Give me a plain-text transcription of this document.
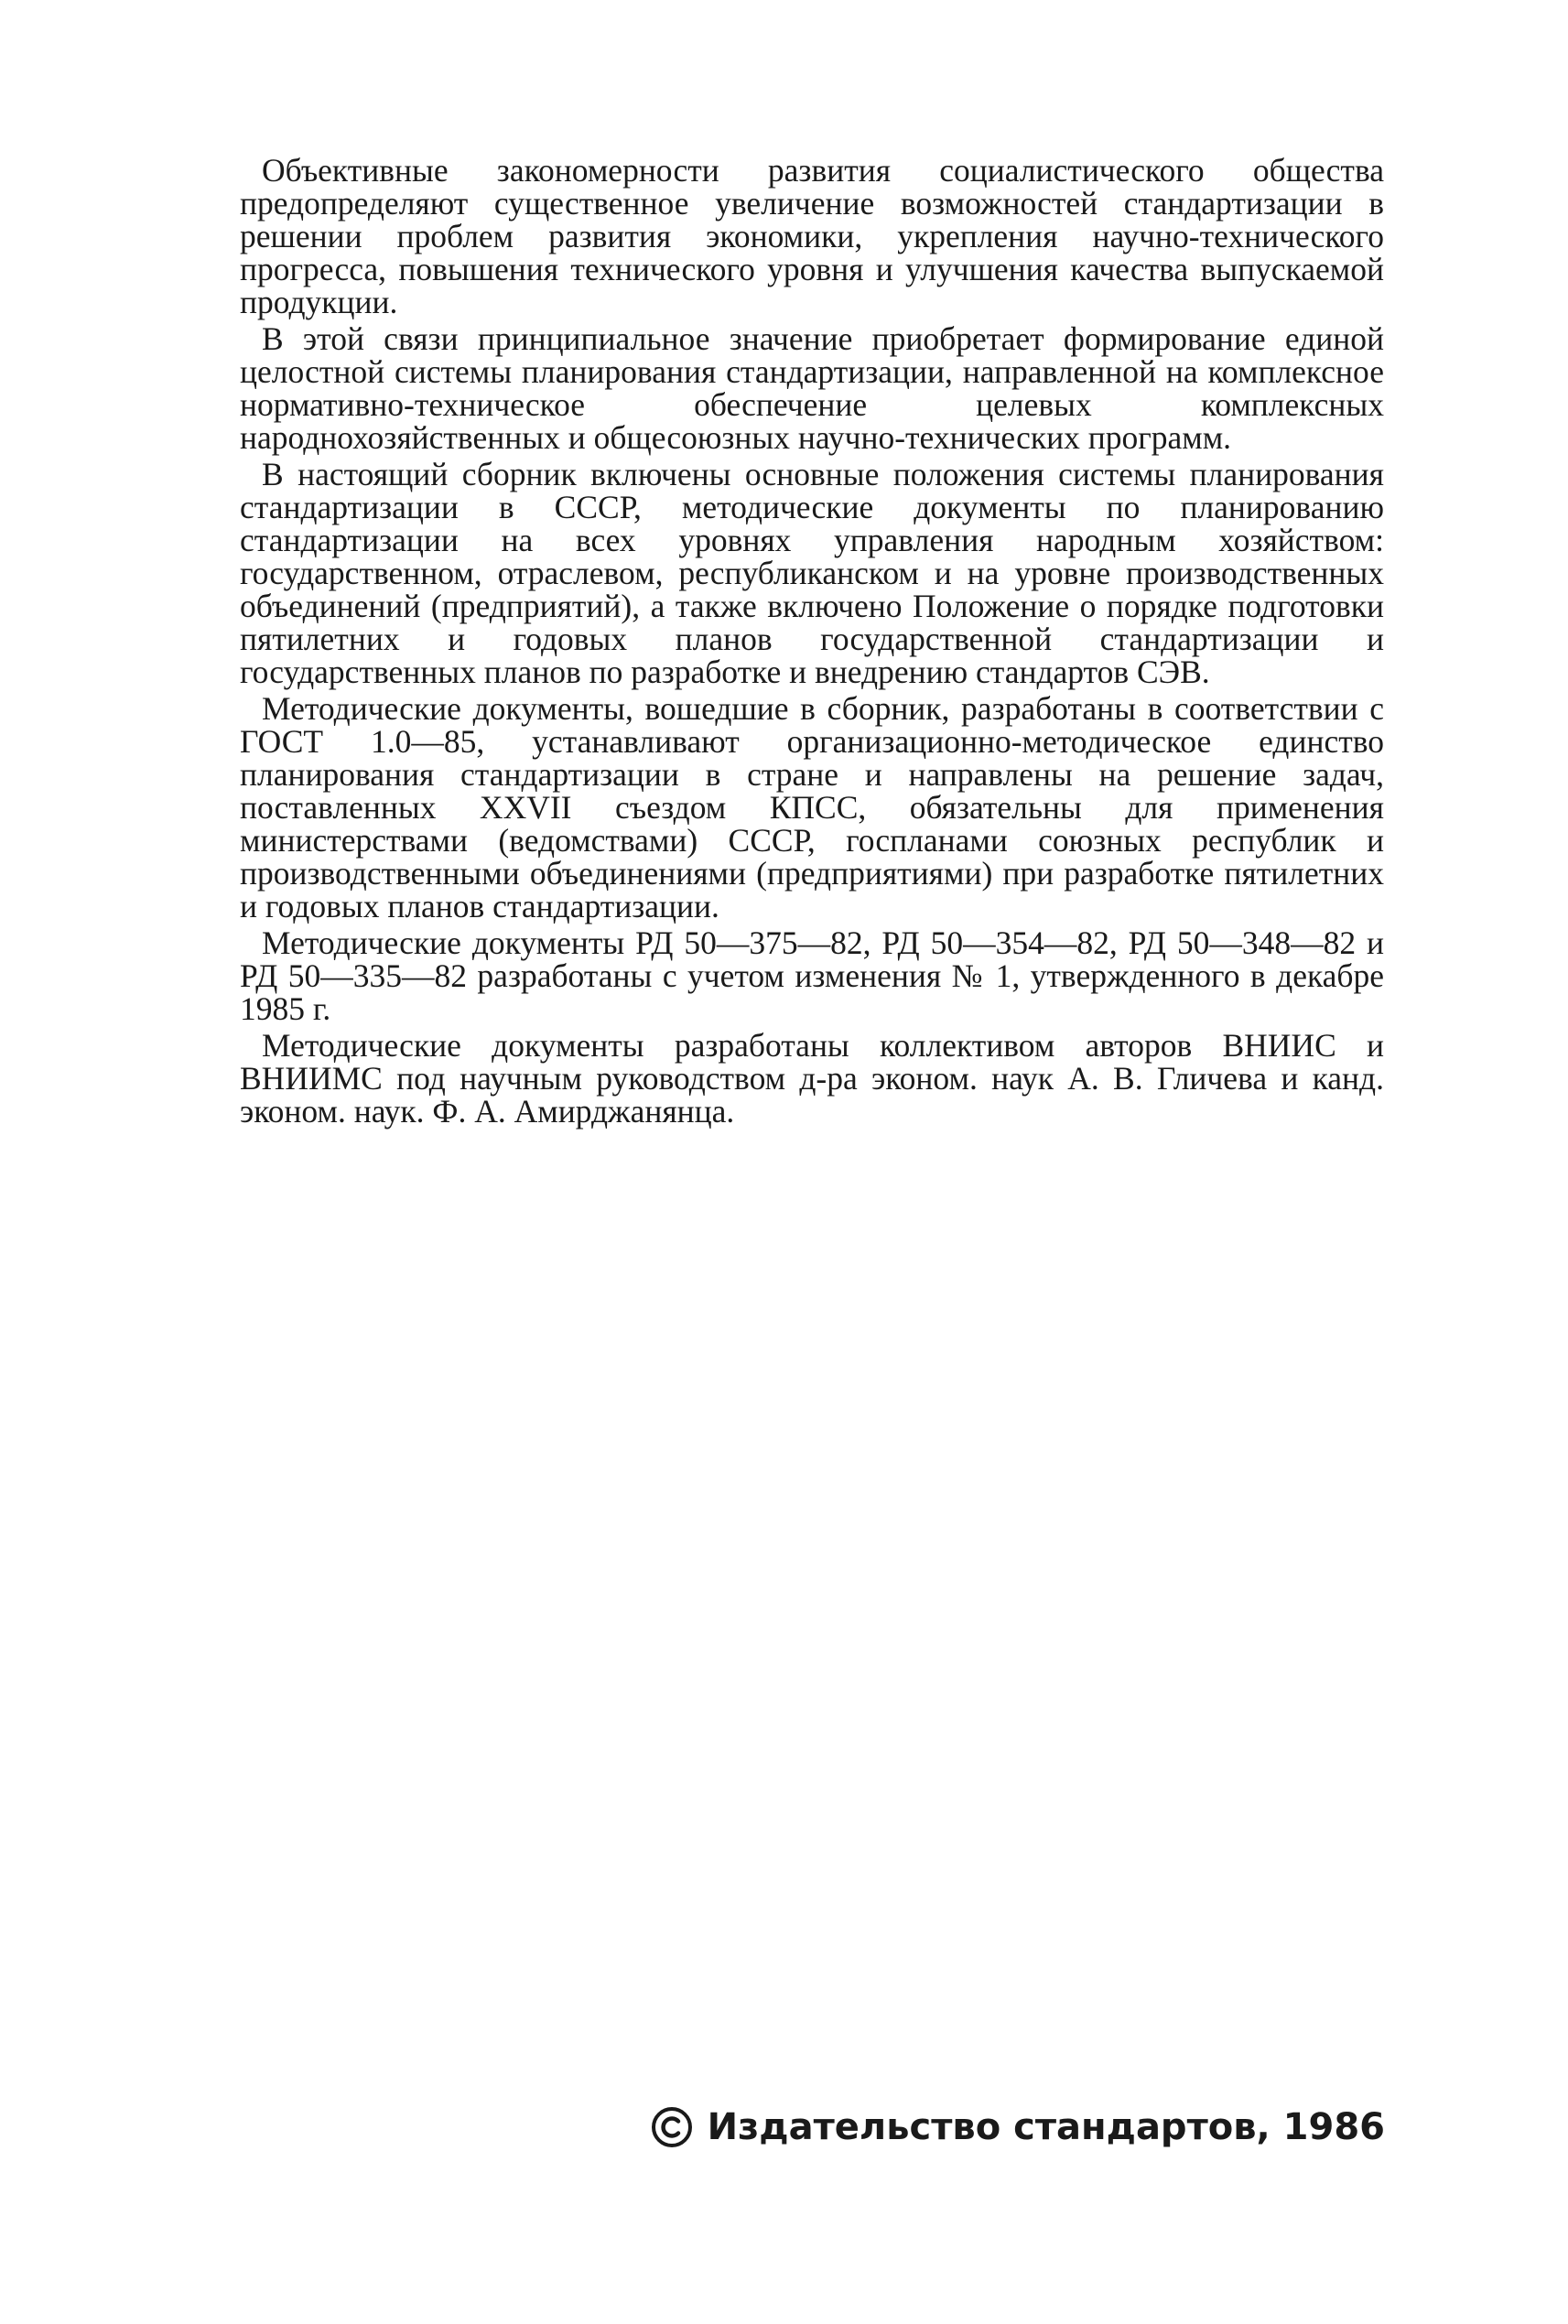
Объективные закономерности развития социалистического общества предопределяют существенное увеличение возможностей стандартизации в решении проблем развития экономики, укрепления научно-технического прогресса, повышения технического уровня и улучшения качества выпускаемой продукции.

В этой связи принципиальное значение приобретает формирование единой целостной системы планирования стандартизации, направленной на комплексное нормативно-техническое обеспечение целевых комплексных народнохозяйственных и общесоюзных научно-технических программ.

В настоящий сборник включены основные положения системы планирования стандартизации в СССР, методические документы по планированию стандартизации на всех уровнях управления народным хозяйством: государственном, отраслевом, республиканском и на уровне производственных объединений (предприятий), а также включено Положение о порядке подготовки пятилетних и годовых планов государственной стандартизации и государственных планов по разработке и внедрению стандартов СЭВ.

Методические документы, вошедшие в сборник, разработаны в соответствии с ГОСТ 1.0—85, устанавливают организационно-методическое единство планирования стандартизации в стране и направлены на решение задач, поставленных XXVII съездом КПСС, обязательны для применения министерствами (ведомствами) СССР, госпланами союзных республик и производственными объединениями (предприятиями) при разработке пятилетних и годовых планов стандартизации.

Методические документы РД 50—375—82, РД 50—354—82, РД 50—348—82 и РД 50—335—82 разработаны с учетом изменения № 1, утвержденного в декабре 1985 г.

Методические документы разработаны коллективом авторов ВНИИС и ВНИИМС под научным руководством д-ра эконом. наук А. В. Гличева и канд. эконом. наук. Ф. А. Амирджанянца.

Издательство стандартов, 1986
